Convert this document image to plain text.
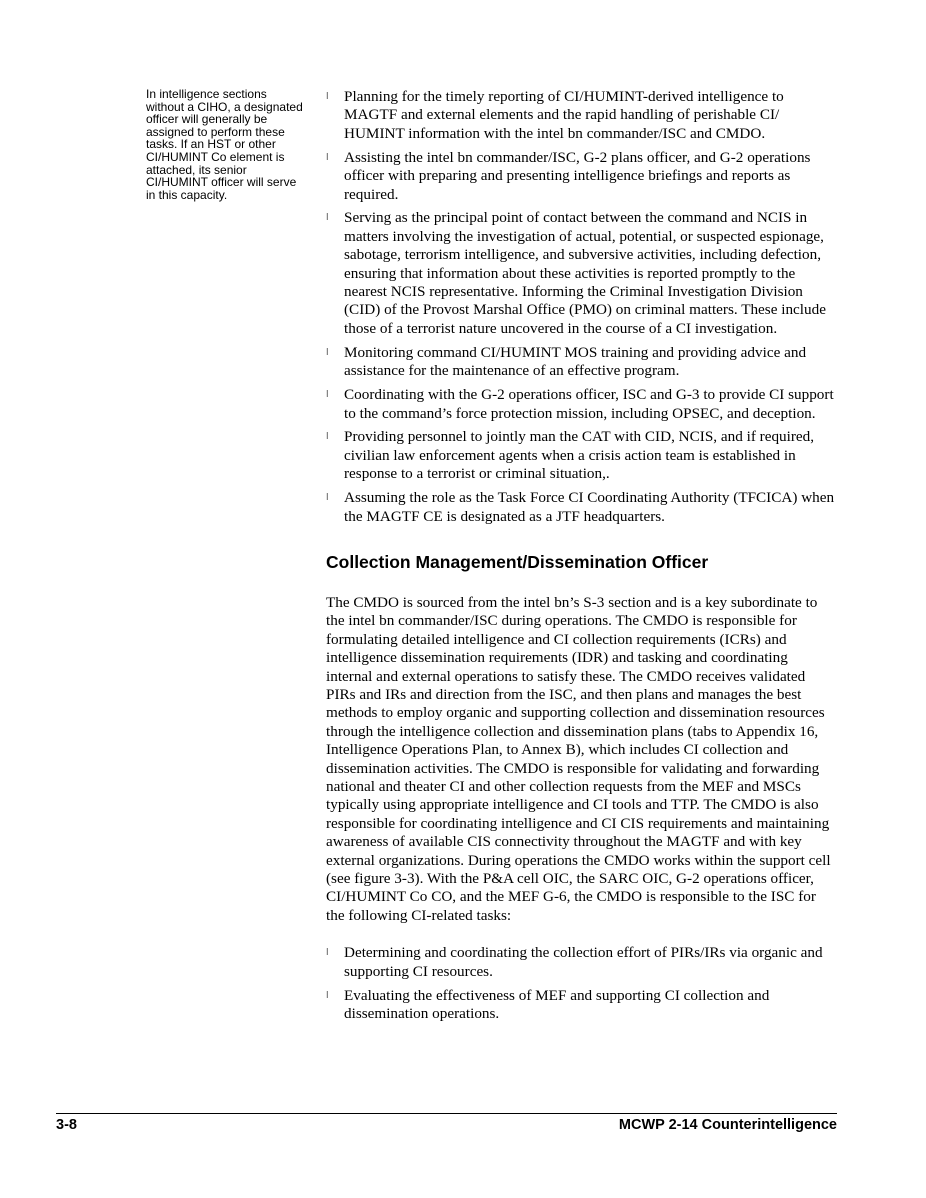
In intelligence sections without a CIHO, a designated officer will generally be assigned to perform these tasks. If an HST or other CI/HUMINT Co element is attached, its senior CI/HUMINT officer will serve in this capacity.
l Planning for the timely reporting of CI/HUMINT-derived intelligence to MAGTF and external elements and the rapid handling of perishable CI/ HUMINT information with the intel bn commander/ISC and CMDO.
l Assisting the intel bn commander/ISC, G-2 plans officer, and G-2 operations officer with preparing and presenting intelligence briefings and reports as required.
l Serving as the principal point of contact between the command and NCIS in matters involving the investigation of actual, potential, or suspected espionage, sabotage, terrorism intelligence, and subversive activities, including defection, ensuring that information about these activities is reported promptly to the nearest NCIS representative. Informing the Criminal Investigation Division (CID) of the Provost Marshal Office (PMO) on criminal matters. These include those of a terrorist nature uncovered in the course of a CI investigation.
l Monitoring command CI/HUMINT MOS training and providing advice and assistance for the maintenance of an effective program.
l Coordinating with the G-2 operations officer, ISC and G-3 to provide CI support to the command’s force protection mission, including OPSEC, and deception.
l Providing personnel to jointly man the CAT with CID, NCIS, and if required, civilian law enforcement agents when a crisis action team is established in response to a terrorist or criminal situation,.
l Assuming the role as the Task Force CI Coordinating Authority (TFCICA) when the MAGTF CE is designated as a JTF headquarters.
Collection Management/Dissemination Officer

The CMDO is sourced from the intel bn’s S-3 section and is a key subordinate to the intel bn commander/ISC during operations. The CMDO is responsible for formulating detailed intelligence and CI collection requirements (ICRs) and intelligence dissemination requirements (IDR) and tasking and coordinating internal and external operations to satisfy these. The CMDO receives validated PIRs and IRs and direction from the ISC, and then plans and manages the best methods to employ organic and supporting collection and dissemination resources through the intelligence collection and dissemination plans (tabs to Appendix 16, Intelligence Operations Plan, to Annex B), which includes CI collection and dissemination activities. The CMDO is responsible for validating and forwarding national and theater CI and other collection requests from the MEF and MSCs typically using appropriate intelligence and CI tools and TTP. The CMDO is also responsible for coordinating intelligence and CI CIS requirements and maintaining awareness of available CIS connectivity throughout the MAGTF and with key external organizations. During operations the CMDO works within the support cell (see figure 3-3). With the P&A cell OIC, the SARC OIC, G-2 operations officer, CI/HUMINT Co CO, and the MEF G-6, the CMDO is responsible to the ISC for the following CI-related tasks:

l Determining and coordinating the collection effort of PIRs/IRs via organic and supporting CI resources.
l Evaluating the effectiveness of MEF and supporting CI collection and dissemination operations.
3-8	MCWP 2-14 Counterintelligence
